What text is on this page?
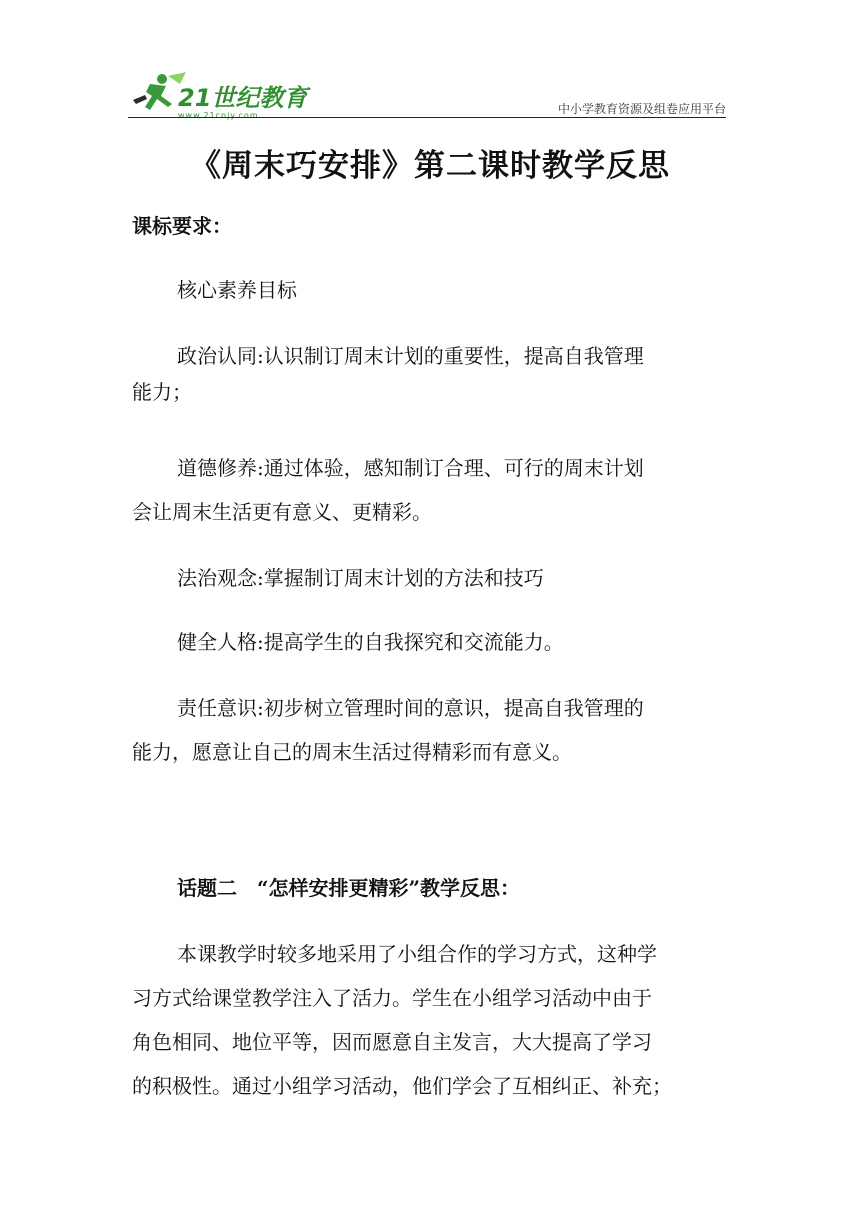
21世纪教育
www.21cnjy.com	中小学教育资源及组卷应用平台
《周末巧安排》第二课时教学反思
课标要求：
核心素养目标
政治认同:认识制订周末计划的重要性，提高自我管理
能力；
道德修养:通过体验，感知制订合理、可行的周末计划
会让周末生活更有意义、更精彩。
法治观念:掌握制订周末计划的方法和技巧
健全人格:提高学生的自我探究和交流能力。
责任意识:初步树立管理时间的意识，提高自我管理的
能力，愿意让自己的周末生活过得精彩而有意义。
话题二　“怎样安排更精彩”教学反思：
本课教学时较多地采用了小组合作的学习方式，这种学
习方式给课堂教学注入了活力。学生在小组学习活动中由于
角色相同、地位平等，因而愿意自主发言，大大提高了学习
的积极性。通过小组学习活动，他们学会了互相纠正、补充；
